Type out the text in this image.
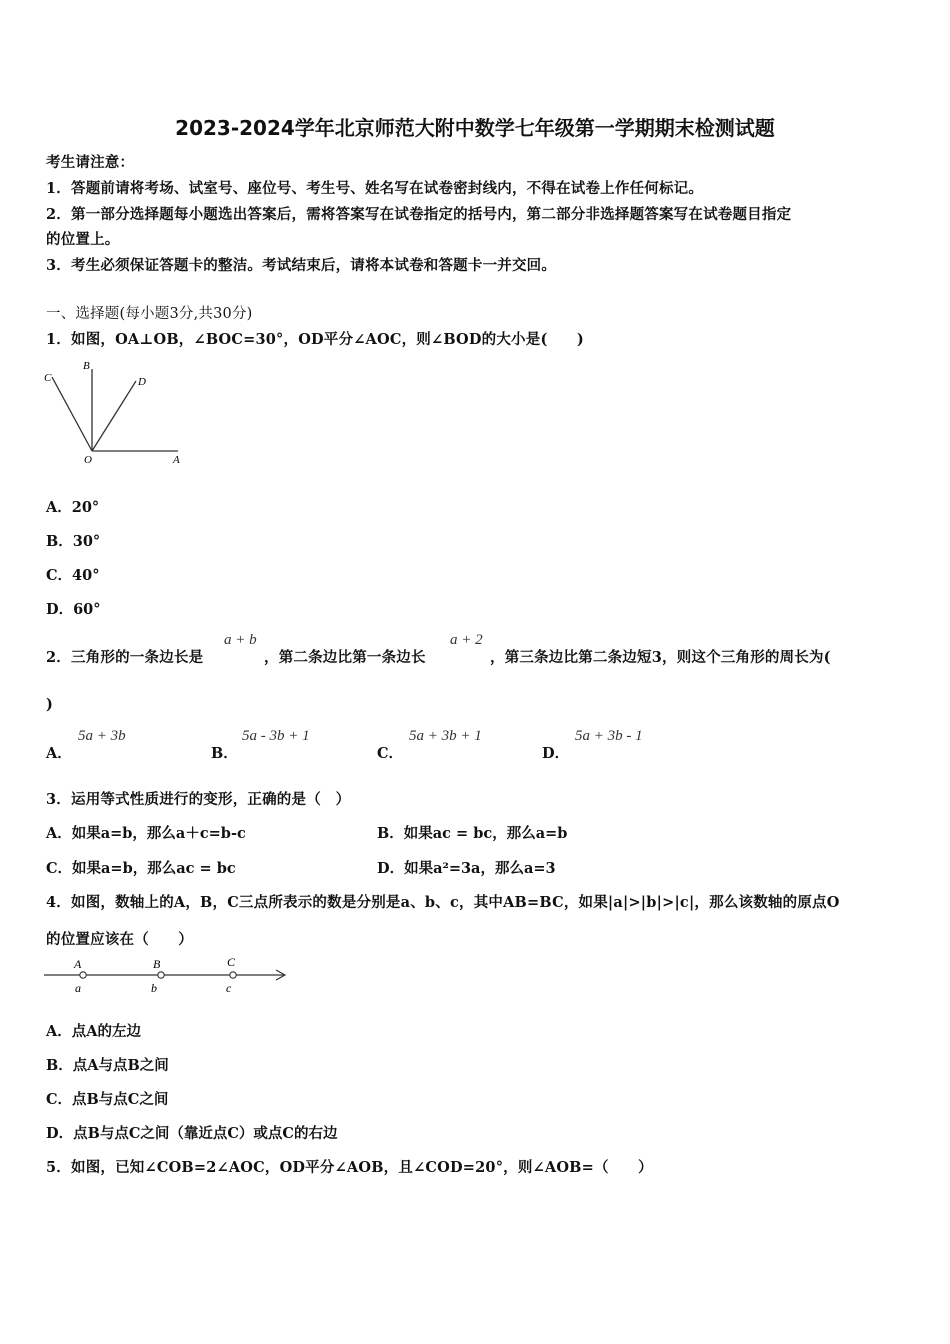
2023-2024学年北京师范大附中数学七年级第一学期期末检测试题
考生请注意：
1．答题前请将考场、试室号、座位号、考生号、姓名写在试卷密封线内，不得在试卷上作任何标记。
2．第一部分选择题每小题选出答案后，需将答案写在试卷指定的括号内，第二部分非选择题答案写在试卷题目指定
的位置上。
3．考生必须保证答题卡的整洁。考试结束后，请将本试卷和答题卡一并交回。
一、选择题(每小题3分,共30分)
1．如图，OA⊥OB，∠BOC=30°，OD平分∠AOC，则∠BOD的大小是(　　)
C
B
D
O	A
A．20°
B．30°
C．40°
D．60°
2．三角形的一条边长是
a + b
，第二条边比第一条边长
a + 2
，第三条边比第二条边短3，则这个三角形的周长为(
)
A．
5a + 3b
B．
5a - 3b + 1
C．
5a + 3b + 1
D．
5a + 3b - 1
3．运用等式性质进行的变形，正确的是（　）
A．如果a=b，那么a＋c=b-c	B．如果ac = bc，那么a=b
C．如果a=b，那么ac = bc	D．如果a²=3a，那么a=3
4．如图，数轴上的A，B，C三点所表示的数是分别是a、b、c，其中AB=BC，如果|a|>|b|>|c|，那么该数轴的原点O
的位置应该在（　　）
A	B	C
a	b	c
A．点A的左边
B．点A与点B之间
C．点B与点C之间
D．点B与点C之间（靠近点C）或点C的右边
5．如图，已知∠COB=2∠AOC，OD平分∠AOB，且∠COD=20°，则∠AOB=（　　）
